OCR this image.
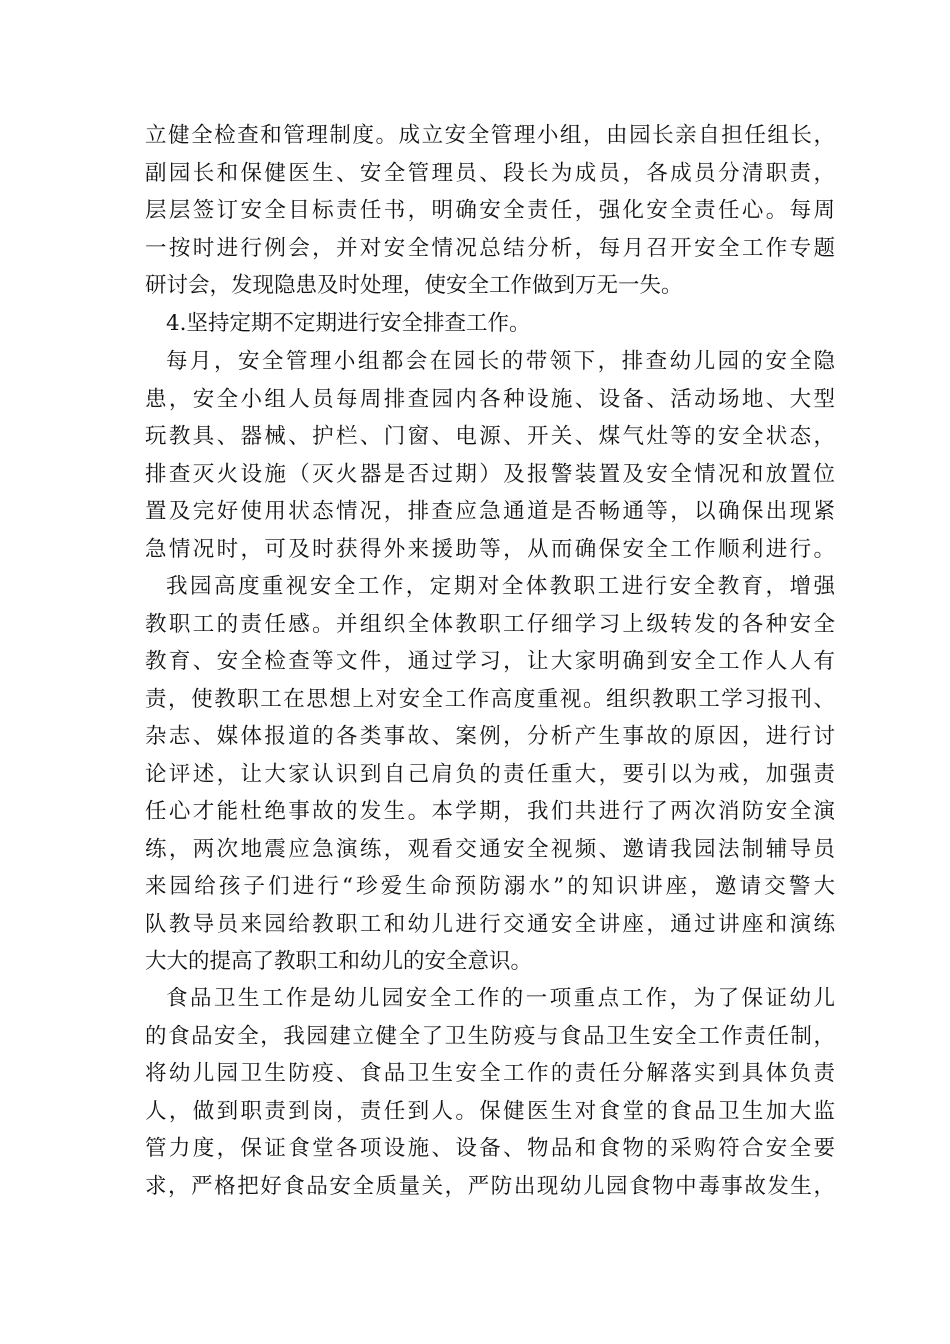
立健全检查和管理制度。成立安全管理小组，由园长亲自担任组长，
副园长和保健医生、安全管理员、段长为成员，各成员分清职责，
层层签订安全目标责任书，明确安全责任，强化安全责任心。每周
一按时进行例会，并对安全情况总结分析，每月召开安全工作专题
研讨会，发现隐患及时处理，使安全工作做到万无一失。
4.坚持定期不定期进行安全排查工作。
每月，安全管理小组都会在园长的带领下，排查幼儿园的安全隐
患，安全小组人员每周排查园内各种设施、设备、活动场地、大型
玩教具、器械、护栏、门窗、电源、开关、煤气灶等的安全状态，
排查灭火设施（灭火器是否过期）及报警装置及安全情况和放置位
置及完好使用状态情况，排查应急通道是否畅通等，以确保出现紧
急情况时，可及时获得外来援助等，从而确保安全工作顺利进行。
我园高度重视安全工作，定期对全体教职工进行安全教育，增强
教职工的责任感。并组织全体教职工仔细学习上级转发的各种安全
教育、安全检查等文件，通过学习，让大家明确到安全工作人人有
责，使教职工在思想上对安全工作高度重视。组织教职工学习报刊、
杂志、媒体报道的各类事故、案例，分析产生事故的原因，进行讨
论评述，让大家认识到自己肩负的责任重大，要引以为戒，加强责
任心才能杜绝事故的发生。本学期，我们共进行了两次消防安全演
练，两次地震应急演练，观看交通安全视频、邀请我园法制辅导员
来园给孩子们进行“珍爱生命预防溺水”的知识讲座，邀请交警大
队教导员来园给教职工和幼儿进行交通安全讲座，通过讲座和演练
大大的提高了教职工和幼儿的安全意识。
食品卫生工作是幼儿园安全工作的一项重点工作，为了保证幼儿
的食品安全，我园建立健全了卫生防疫与食品卫生安全工作责任制，
将幼儿园卫生防疫、食品卫生安全工作的责任分解落实到具体负责
人，做到职责到岗，责任到人。保健医生对食堂的食品卫生加大监
管力度，保证食堂各项设施、设备、物品和食物的采购符合安全要
求，严格把好食品安全质量关，严防出现幼儿园食物中毒事故发生，
